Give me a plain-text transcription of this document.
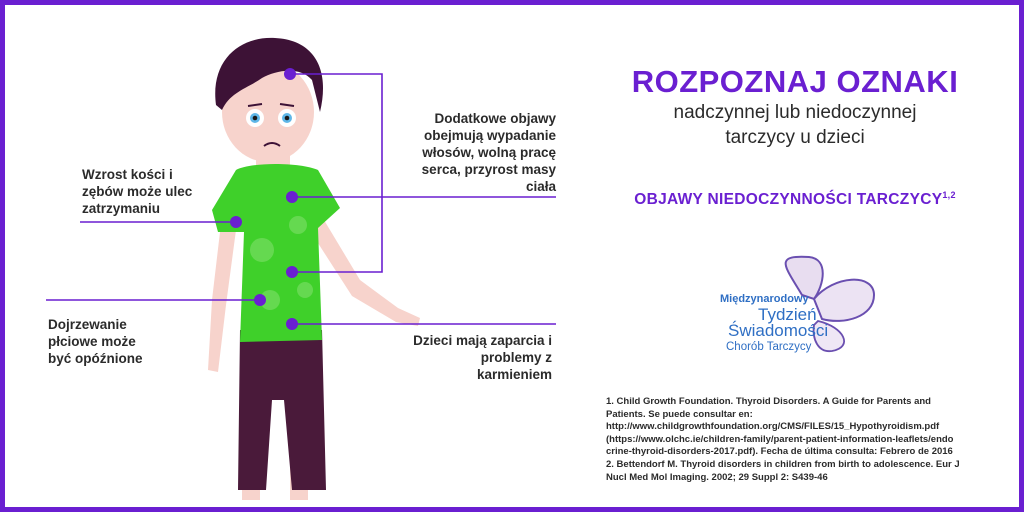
Wzrost kości i
zębów może ulec
zatrzymaniu
Dojrzewanie
płciowe może
być opóźnione
Dodatkowe objawy
obejmują wypadanie
włosów, wolną pracę
serca, przyrost masy
ciała
Dzieci mają zaparcia i
problemy z
karmieniem
ROZPOZNAJ OZNAKI
nadczynnej lub niedoczynnej
tarczycy u dzieci
OBJAWY NIEDOCZYNNOŚCI TARCZYCY$^{1,2}$
Międzynarodowy
Tydzień
Świadomości
Chorób Tarczycy
1. Child Growth Foundation. Thyroid Disorders. A Guide for Parents and
Patients. Se puede consultar en:
http://www.childgrowthfoundation.org/CMS/FILES/15_Hypothyroidism.pdf
(https://www.olchc.ie/children-family/parent-patient-information-leaflets/endo
crine-thyroid-disorders-2017.pdf). Fecha de última consulta: Febrero de 2016
2. Bettendorf M. Thyroid disorders in children from birth to adolescence. Eur J
Nucl Med Mol Imaging. 2002; 29 Suppl 2: S439-46
